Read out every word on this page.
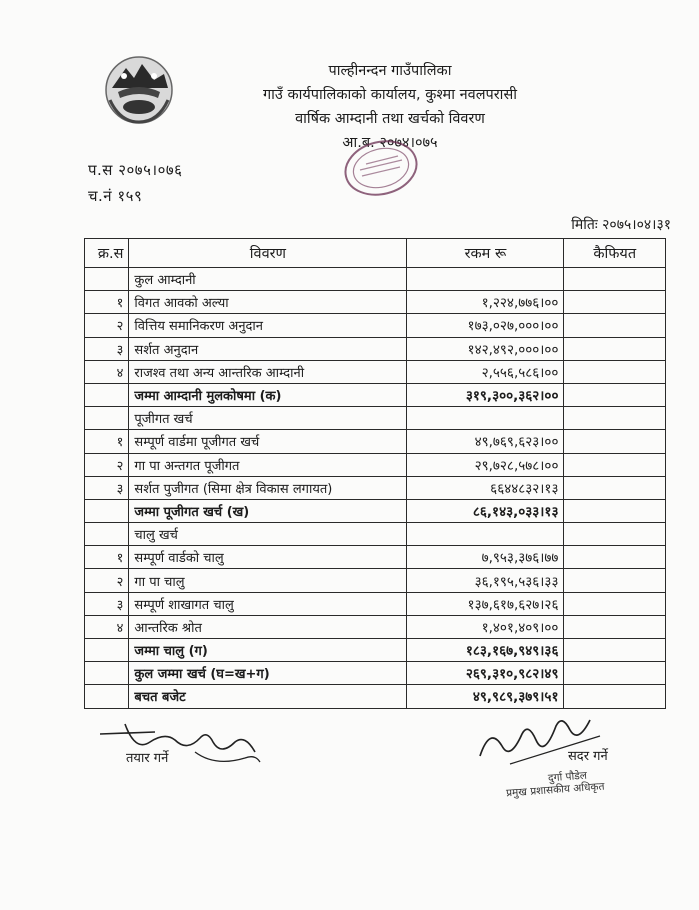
पाल्हीनन्दन गाउँपालिका
गाउँ कार्यपालिकाको कार्यालय, कुश्मा नवलपरासी
वार्षिक आम्दानी तथा खर्चको विवरण
आ.ब. २०७४।०७५
प.स २०७५।०७६
च.नं १५९
मितिः २०७५।०४।३१
क्र.स	विवरण	रकम रू	कैफियत
	कुल आम्दानी		
१	विगत आवको अल्या	१,२२४,७७६।००	
२	वित्तिय समानिकरण अनुदान	१७३,०२७,०००।००	
३	सर्शत अनुदान	१४२,४९२,०००।००	
४	राजश्व तथा अन्य आन्तरिक आम्दानी	२,५५६,५८६।००	
	जम्मा आम्दानी मुलकोषमा (क)	३१९,३००,३६२।००	
	पूजीगत खर्च		
१	सम्पूर्ण वार्डमा पूजीगत खर्च	४९,७६९,६२३।००	
२	गा पा अन्तगत पूजीगत	२९,७२८,५७८।००	
३	सर्शत पुजीगत (सिमा क्षेत्र विकास लगायत)	६६४४८३२।१३	
	जम्मा पूजीगत खर्च (ख)	८६,१४३,०३३।१३	
	चालु खर्च		
१	सम्पूर्ण वार्डको चालु	७,९५३,३७६।७७	
२	गा पा चालु	३६,१९५,५३६।३३	
३	सम्पूर्ण शाखागत चालु	१३७,६१७,६२७।२६	
४	आन्तरिक श्रोत	१,४०१,४०९।००	
	जम्मा चालु (ग)	१८३,१६७,९४९।३६	
	कुल जम्मा खर्च (घ=ख+ग)	२६९,३१०,९८२।४९	
	बचत बजेट	४९,९८९,३७९।५१	
तयार गर्ने	सदर गर्ने
दुर्गा पौडेल
प्रमुख प्रशासकीय अधिकृत
